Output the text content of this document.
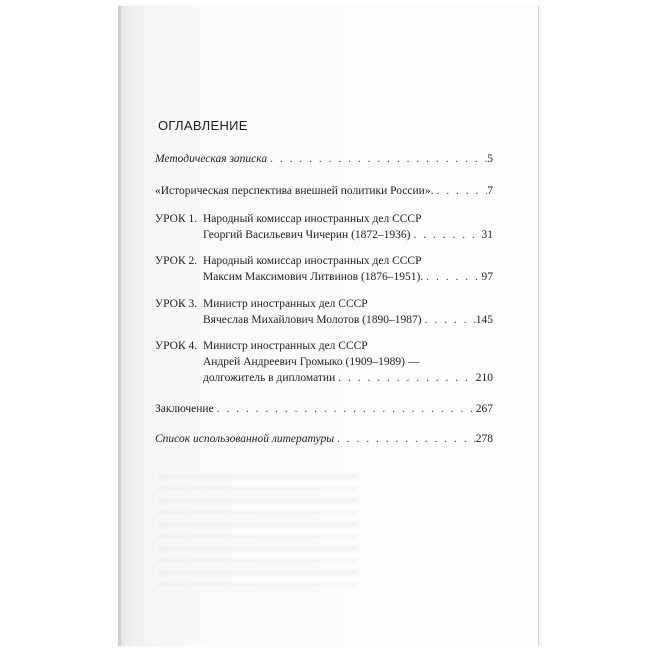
ОГЛАВЛЕНИЕ
Методическая записка . . .	5
«Историческая перспектива внешней политики России». . . .	7
УРОК 1. Народный комиссар иностранных дел СССР
Георгий Васильевич Чичерин (1872–1936) . . .	31
УРОК 2. Народный комиссар иностранных дел СССР
Максим Максимович Литвинов (1876–1951). . . .	97
УРОК 3. Министр иностранных дел СССР
Вячеслав Михайлович Молотов (1890–1987) . . .	145
УРОК 4. Министр иностранных дел СССР
Андрей Андреевич Громыко (1909–1989) —
долгожитель в дипломатии . . .	210
Заключение . . .	267
Список использованной литературы . . .	278
